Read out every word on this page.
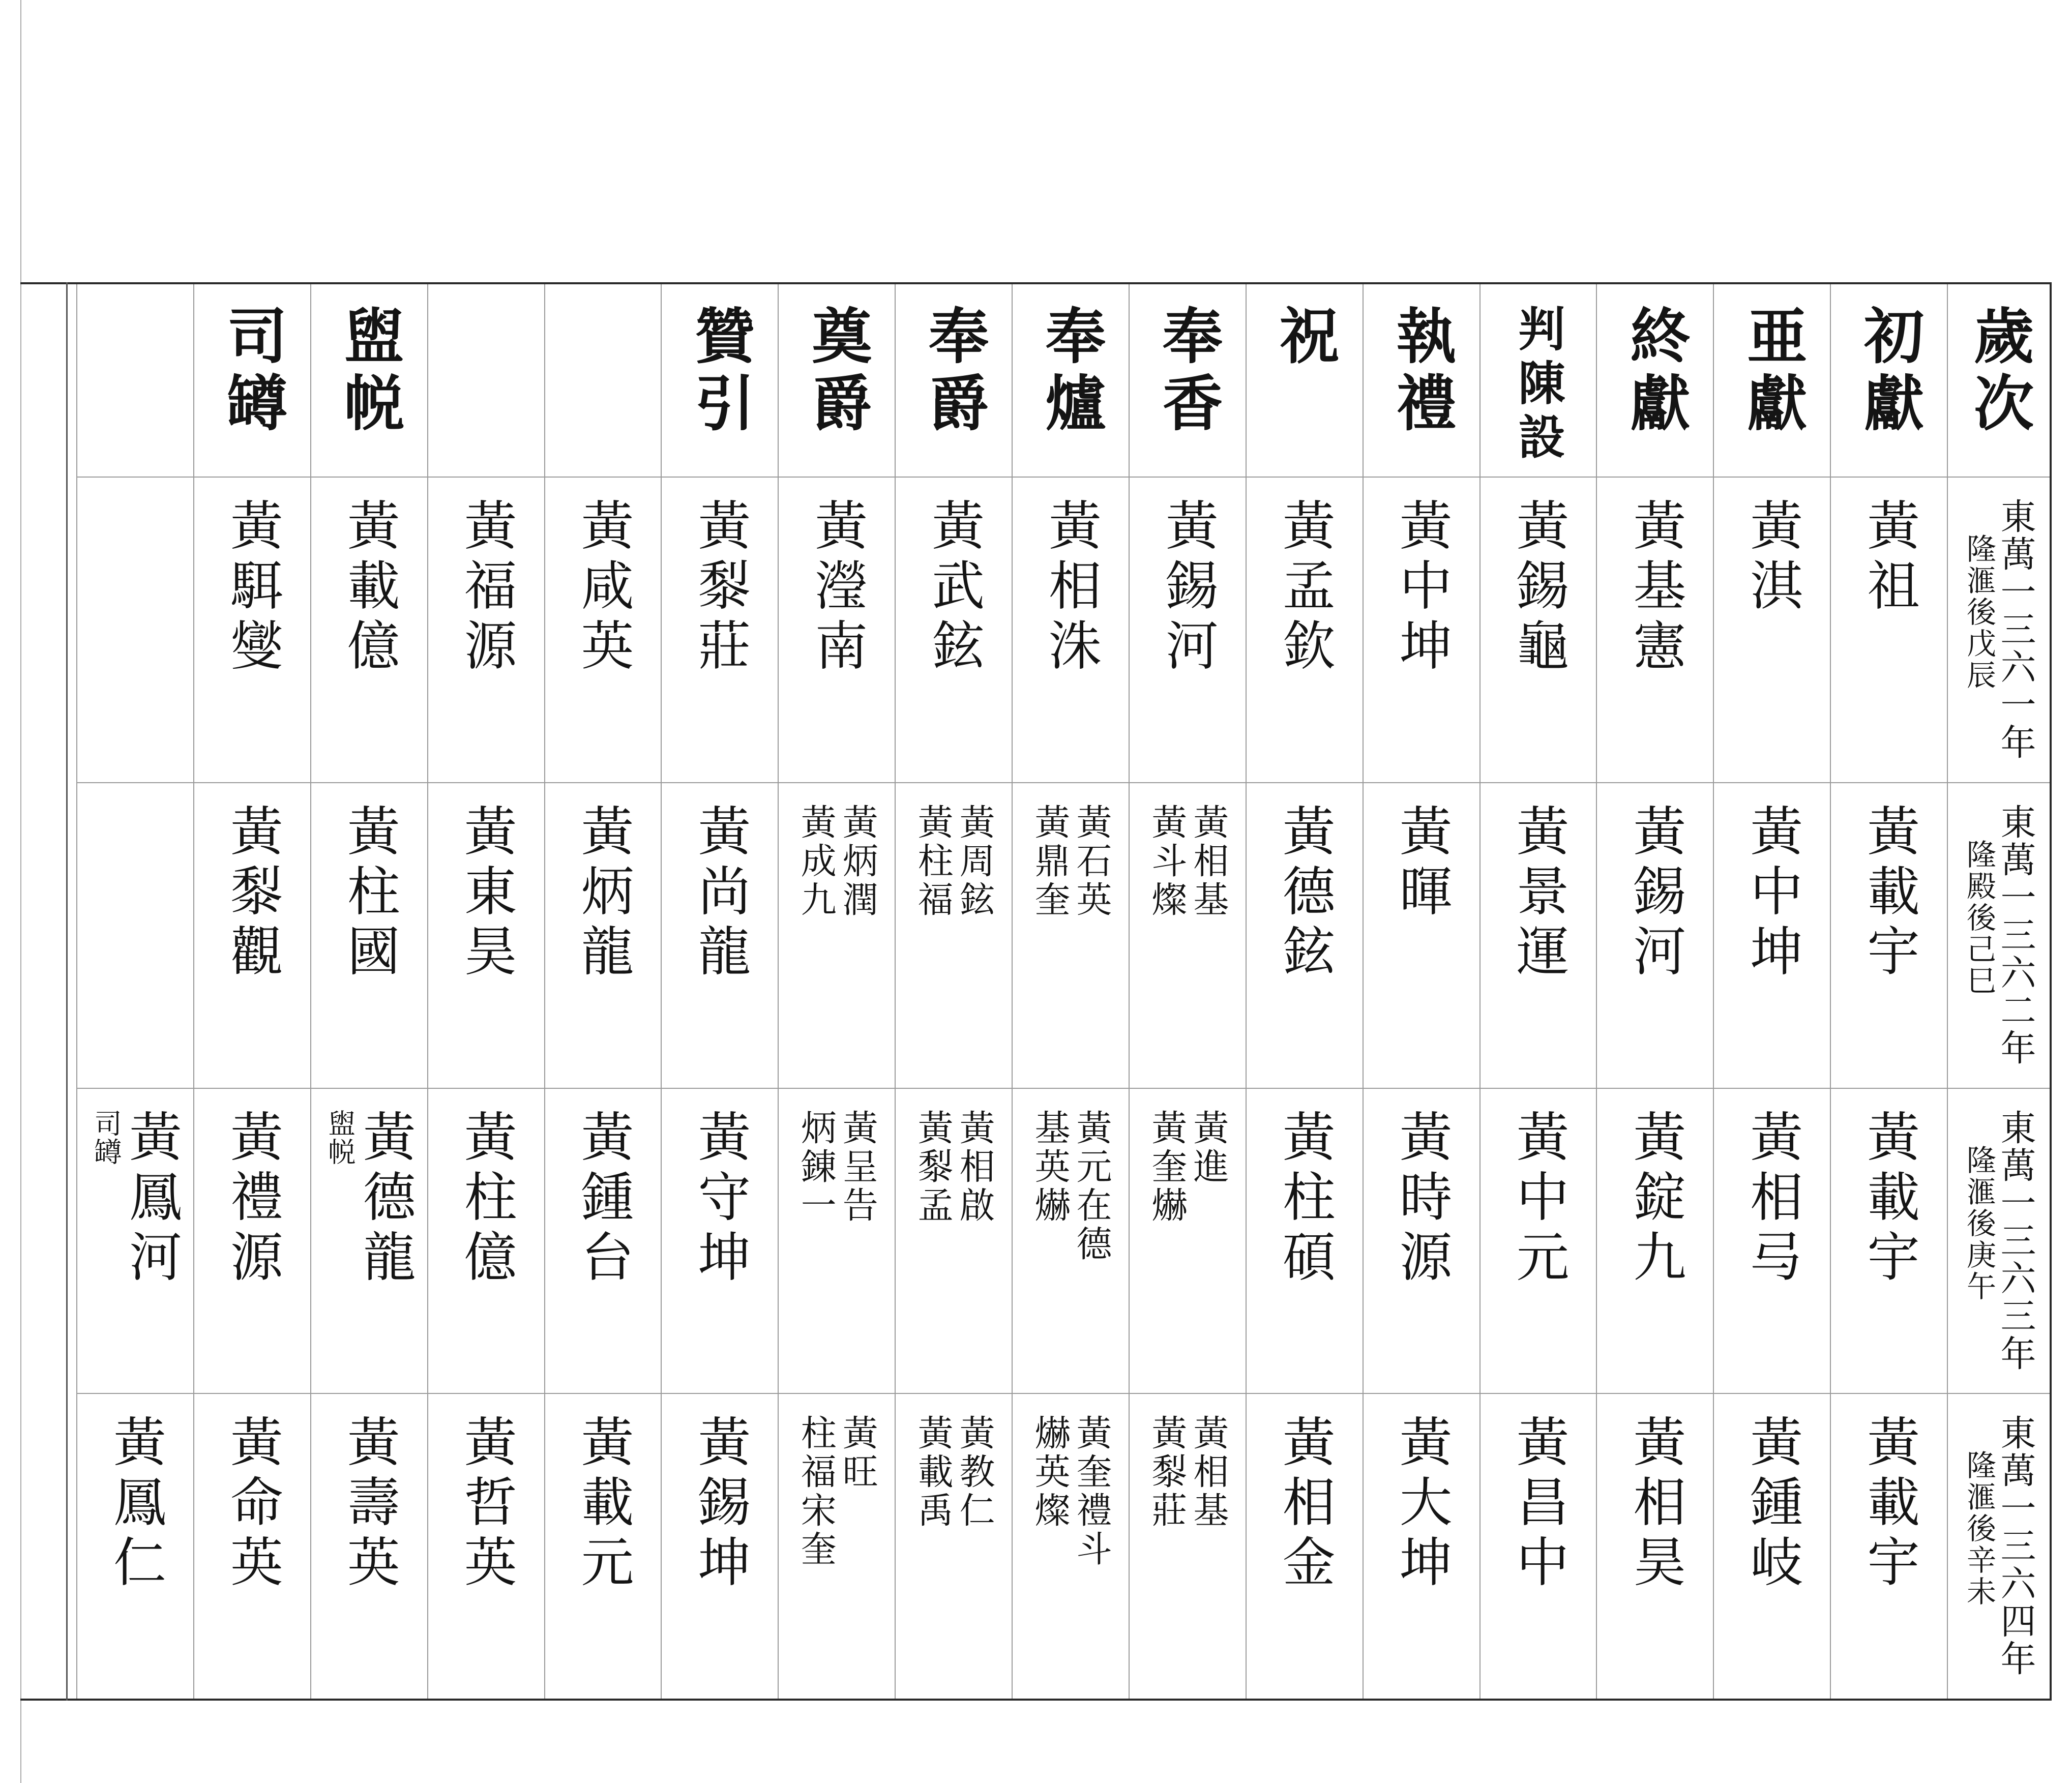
歲次
東萬一三六一年
隆滙後戊辰
東萬一三六二年
隆殿後己巳
東萬一三六三年
隆滙後庚午
東萬一三六四年
隆滙後辛未
初獻
黃祖
黃載宇
黃載宇
黃載宇
亜獻
黃淇
黃中坤
黃相㢧
黃鍾岐
終獻
黃基憲
黃錫河
黃錠九
黃相昊
判陳設
黃錫龜
黃景運
黃中元
黃昌中
執禮
黃中坤
黃暉
黃時源
黃大坤
祝
黃孟欽
黃德鉉
黃柱碩
黃相金
奉香
黃錫河
黃相基
黃斗燦
黃進
黃奎爀
黃相基
黃㴝莊
奉爐
黃相洙
黃石英
黃鼎奎
黃元在德
基英爀
黃奎禮斗
爀英燦
奉爵
黃武鉉
黃周鉉
黃柱福
黃相啟
黃㴝孟
黃教仁
黃載禹
奠爵
黃瀅南
黃炳潤
黃成九
黃呈告
炳錬一
黃旺
柱福宋奎
贊引
黃㴝莊
黃尚龍
黃守坤
黃錫坤
黃咸英
黃炳龍
黃鍾台
黃載元
黃福源
黃東昊
黃柱億
黃哲英
盥帨
黃載億
黃柱國
黃德龍
盥帨
黃壽英
司罇
黃駬燮
黃㴝觀
黃禮源
黃命英
黃鳳河
司罇
黃鳳仁
